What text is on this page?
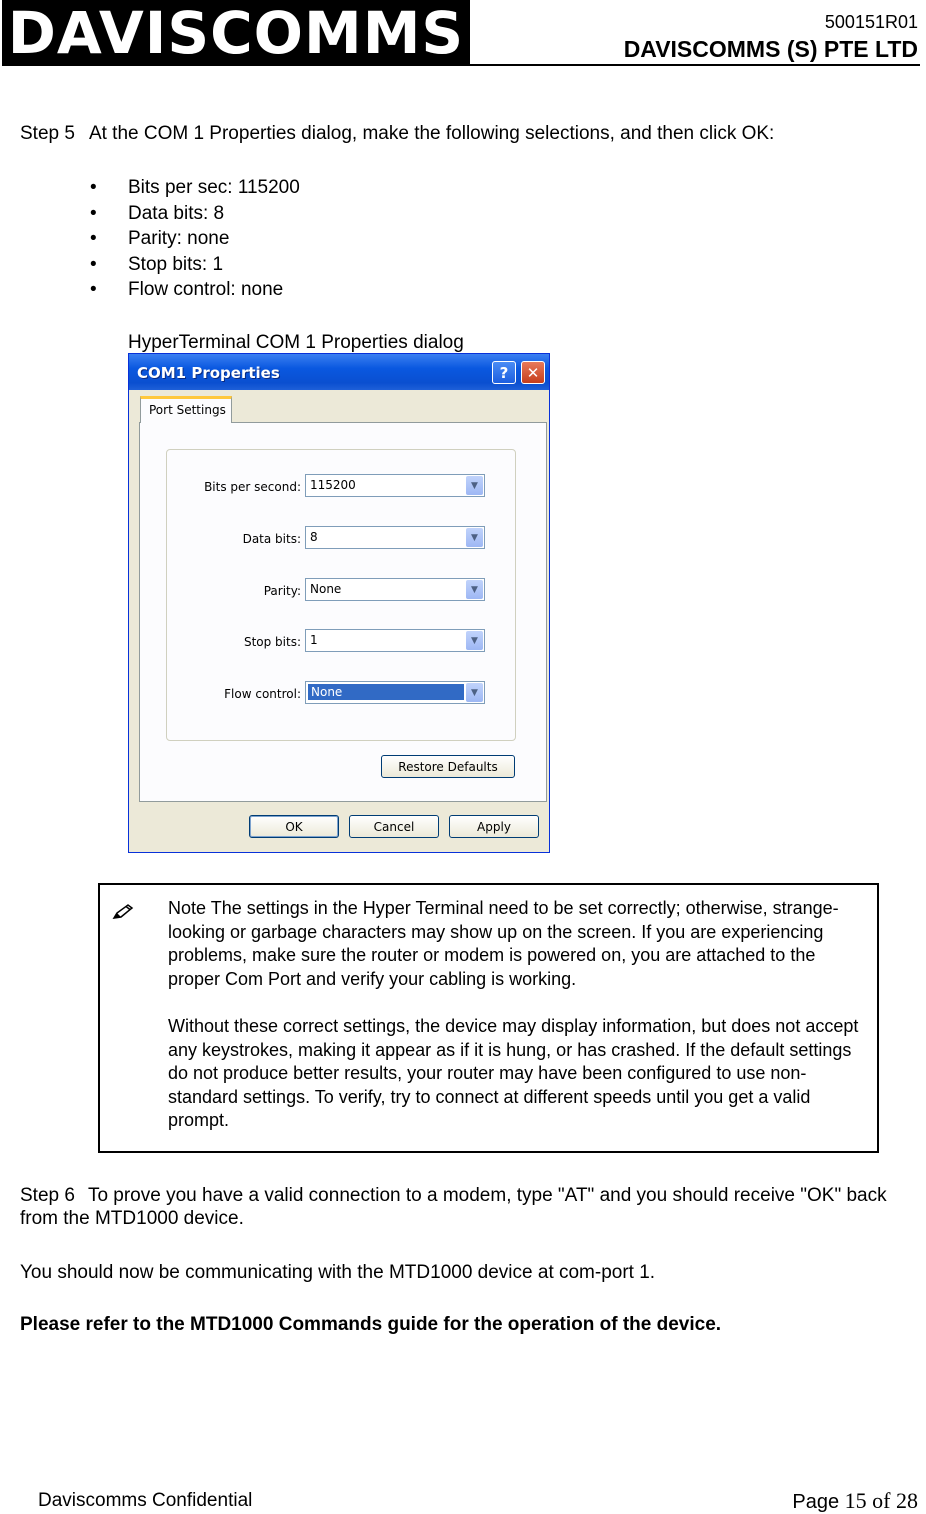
DAVISCOMMS	500151R01
DAVISCOMMS (S) PTE LTD
Step 5 At the COM 1 Properties dialog, make the following selections, and then click OK:
• Bits per sec: 115200
• Data bits: 8
• Parity: none
• Stop bits: 1
• Flow control: none
HyperTerminal COM 1 Properties dialog
COM1 Properties	? ✕
Bits per second: 115200	▼
Data bits: 8	▼
Parity: None	▼
Stop bits: 1	▼
Flow control: None	▼
Restore Defaults
Port Settings
OK	Cancel	Apply

Note The settings in the Hyper Terminal need to be set correctly; otherwise, strange-looking or garbage characters may show up on the screen. If you are experiencing problems, make sure the router or modem is powered on, you are attached to the proper Com Port and verify your cabling is working.

Without these correct settings, the device may display information, but does not accept any keystrokes, making it appear as if it is hung, or has crashed. If the default settings do not produce better results, your router may have been configured to use non-standard settings. To verify, try to connect at different speeds until you get a valid prompt.

Step 6 To prove you have a valid connection to a modem, type "AT" and you should receive "OK" back from the MTD1000 device.
You should now be communicating with the MTD1000 device at com-port 1.
Please refer to the MTD1000 Commands guide for the operation of the device.
Daviscomms Confidential	Page 15 of 28
